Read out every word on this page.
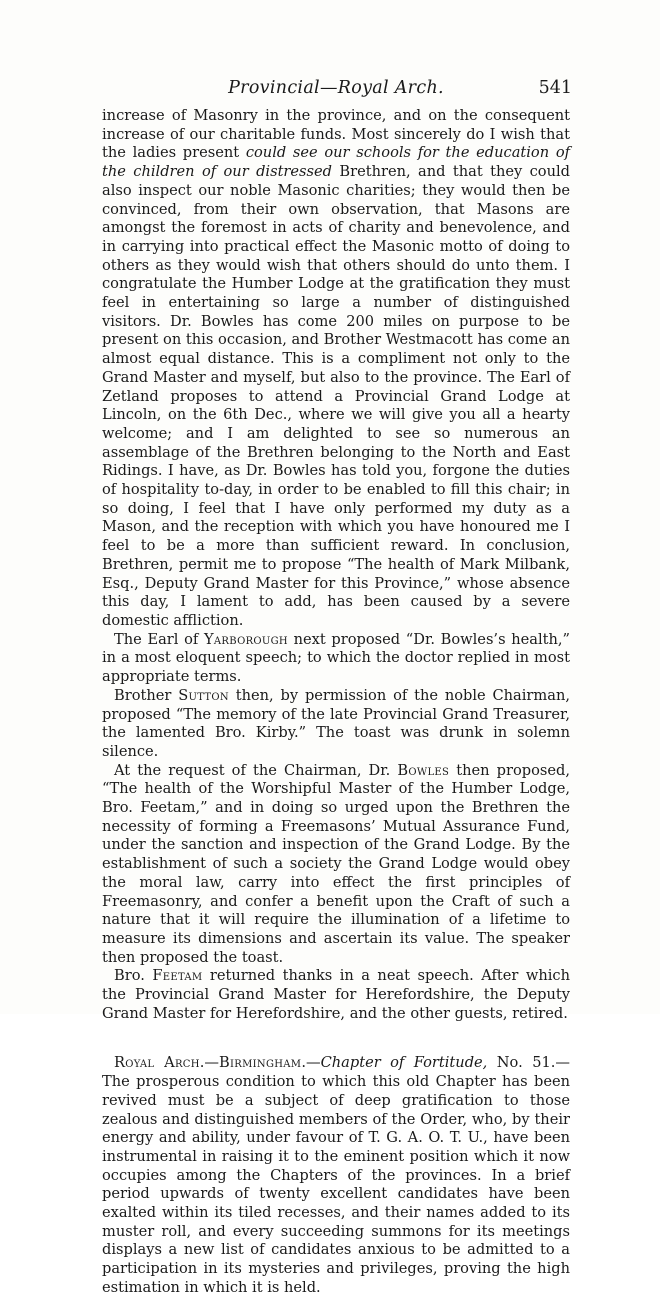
Provincial—Royal Arch.	541

increase of Masonry in the province, and on the consequent increase of our charitable funds. Most sincerely do I wish that the ladies present could see our schools for the education of the children of our distressed Brethren, and that they could also inspect our noble Masonic charities; they would then be convinced, from their own observation, that Masons are amongst the foremost in acts of charity and benevolence, and in carrying into practical effect the Masonic motto of doing to others as they would wish that others should do unto them. I congratulate the Humber Lodge at the gratification they must feel in entertaining so large a number of distinguished visitors. Dr. Bowles has come 200 miles on purpose to be present on this occasion, and Brother Westmacott has come an almost equal distance. This is a compliment not only to the Grand Master and myself, but also to the province. The Earl of Zetland proposes to attend a Provincial Grand Lodge at Lincoln, on the 6th Dec., where we will give you all a hearty welcome; and I am delighted to see so numerous an assemblage of the Brethren belonging to the North and East Ridings. I have, as Dr. Bowles has told you, forgone the duties of hospitality to-day, in order to be enabled to fill this chair; in so doing, I feel that I have only performed my duty as a Mason, and the reception with which you have honoured me I feel to be a more than sufficient reward. In conclusion, Brethren, permit me to propose “The health of Mark Milbank, Esq., Deputy Grand Master for this Province,” whose absence this day, I lament to add, has been caused by a severe domestic affliction.

The Earl of Yarborough next proposed “Dr. Bowles’s health,” in a most eloquent speech; to which the doctor replied in most appropriate terms.

Brother Sutton then, by permission of the noble Chairman, proposed “The memory of the late Provincial Grand Treasurer, the lamented Bro. Kirby.” The toast was drunk in solemn silence.

At the request of the Chairman, Dr. Bowles then proposed, “The health of the Worshipful Master of the Humber Lodge, Bro. Feetam,” and in doing so urged upon the Brethren the necessity of forming a Freemasons’ Mutual Assurance Fund, under the sanction and inspection of the Grand Lodge. By the establishment of such a society the Grand Lodge would obey the moral law, carry into effect the first principles of Freemasonry, and confer a benefit upon the Craft of such a nature that it will require the illumination of a lifetime to measure its dimensions and ascertain its value. The speaker then proposed the toast.

Bro. Feetam returned thanks in a neat speech. After which the Provincial Grand Master for Herefordshire, the Deputy Grand Master for Herefordshire, and the other guests, retired.

Royal Arch.—Birmingham.—Chapter of Fortitude, No. 51.—The prosperous condition to which this old Chapter has been revived must be a subject of deep gratification to those zealous and distinguished members of the Order, who, by their energy and ability, under favour of T. G. A. O. T. U., have been instrumental in raising it to the eminent position which it now occupies among the Chapters of the provinces. In a brief period upwards of twenty excellent candidates have been exalted within its tiled recesses, and their names added to its muster roll, and every succeeding summons for its meetings displays a new list of candidates anxious to be admitted to a participation in its mysteries and privileges, proving the high estimation in which it is held.
